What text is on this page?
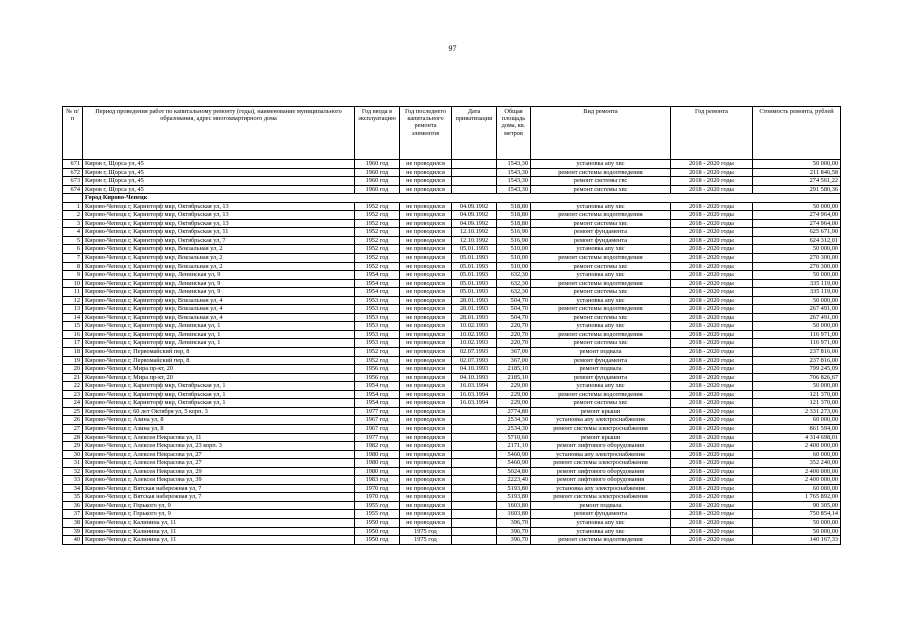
97
№ п/п	Период проведения работ по капитальному ремонту (годы), наименование муниципального образования, адрес многоквартирного дома	Год ввода в эксплуатацию	Год последнего капитального ремонта элементов	Дата приватизации	Общая площадь дома, кв. метров	Вид ремонта	Год ремонта	Стоимость ремонта, рублей
671	Киров г, Щорса ул, 45	1960 год	не проводился		1543,30	установка апу хвс	2018 - 2020 годы	50 000,00
672	Киров г, Щорса ул, 45	1960 год	не проводился		1543,30	ремонт системы водоотведения	2018 - 2020 годы	211 846,58
673	Киров г, Щорса ул, 45	1960 год	не проводился		1543,30	ремонт системы гвс	2018 - 2020 годы	274 561,22
674	Киров г, Щорса ул, 45	1960 год	не проводился		1543,30	ремонт системы хвс	2018 - 2020 годы	291 580,36
	Город Кирово-Чепецк							
1	Кирово-Чепецк г, Каринторф мкр, Октябрьская ул, 13	1952 год	не проводился	04.09.1992	518,80	установка апу хвс	2018 - 2020 годы	50 000,00
2	Кирово-Чепецк г, Каринторф мкр, Октябрьская ул, 13	1952 год	не проводился	04.09.1992	518,80	ремонт системы водоотведения	2018 - 2020 годы	274 964,00
3	Кирово-Чепецк г, Каринторф мкр, Октябрьская ул, 13	1952 год	не проводился	04.09.1992	518,80	ремонт системы хвс	2018 - 2020 годы	274 964,00
4	Кирово-Чепецк г, Каринторф мкр, Октябрьская ул, 11	1952 год	не проводился	12.10.1992	516,90	ремонт фундамента	2018 - 2020 годы	625 671,90
5	Кирово-Чепецк г, Каринторф мкр, Октябрьская ул, 7	1952 год	не проводился	12.10.1992	516,90	ремонт фундамента	2018 - 2020 годы	624 312,01
6	Кирово-Чепецк г, Каринторф мкр, Вокзальная ул, 2	1952 год	не проводился	05.01.1993	510,00	установка апу хвс	2018 - 2020 годы	50 000,00
7	Кирово-Чепецк г, Каринторф мкр, Вокзальная ул, 2	1952 год	не проводился	05.01.1993	510,00	ремонт системы водоотведения	2018 - 2020 годы	270 300,00
8	Кирово-Чепецк г, Каринторф мкр, Вокзальная ул, 2	1952 год	не проводился	05.01.1993	510,00	ремонт системы хвс	2018 - 2020 годы	270 300,00
9	Кирово-Чепецк г, Каринторф мкр, Ленинская ул, 9	1954 год	не проводился	05.01.1993	632,30	установка апу хвс	2018 - 2020 годы	50 000,00
10	Кирово-Чепецк г, Каринторф мкр, Ленинская ул, 9	1954 год	не проводился	05.01.1993	632,30	ремонт системы водоотведения	2018 - 2020 годы	335 119,00
11	Кирово-Чепецк г, Каринторф мкр, Ленинская ул, 9	1954 год	не проводился	05.01.1993	632,30	ремонт системы хвс	2018 - 2020 годы	335 119,00
12	Кирово-Чепецк г, Каринторф мкр, Вокзальная ул, 4	1953 год	не проводился	28.01.1993	504,70	установка апу хвс	2018 - 2020 годы	50 000,00
13	Кирово-Чепецк г, Каринторф мкр, Вокзальная ул, 4	1953 год	не проводился	28.01.1993	504,70	ремонт системы водоотведения	2018 - 2020 годы	267 491,00
14	Кирово-Чепецк г, Каринторф мкр, Вокзальная ул, 4	1953 год	не проводился	28.01.1993	504,70	ремонт системы хвс	2018 - 2020 годы	267 491,00
15	Кирово-Чепецк г, Каринторф мкр, Ленинская ул, 1	1953 год	не проводился	10.02.1993	220,70	установка апу хвс	2018 - 2020 годы	50 000,00
16	Кирово-Чепецк г, Каринторф мкр, Ленинская ул, 1	1953 год	не проводился	10.02.1993	220,70	ремонт системы водоотведения	2018 - 2020 годы	116 971,00
17	Кирово-Чепецк г, Каринторф мкр, Ленинская ул, 1	1953 год	не проводился	10.02.1993	220,70	ремонт системы хвс	2018 - 2020 годы	116 971,00
18	Кирово-Чепецк г, Первомайский пер, 8	1952 год	не проводился	02.07.1993	367,00	ремонт подвала	2018 - 2020 годы	237 816,00
19	Кирово-Чепецк г, Первомайский пер, 8	1952 год	не проводился	02.07.1993	367,00	ремонт фундамента	2018 - 2020 годы	237 816,00
20	Кирово-Чепецк г, Мира пр-кт, 20	1956 год	не проводился	04.10.1993	2185,10	ремонт подвала	2018 - 2020 годы	799 245,09
21	Кирово-Чепецк г, Мира пр-кт, 20	1956 год	не проводился	04.10.1993	2185,10	ремонт фундамента	2018 - 2020 годы	706 826,67
22	Кирово-Чепецк г, Каринторф мкр, Октябрьская ул, 1	1954 год	не проводился	16.03.1994	229,00	установка апу хвс	2018 - 2020 годы	50 000,00
23	Кирово-Чепецк г, Каринторф мкр, Октябрьская ул, 1	1954 год	не проводился	16.03.1994	229,00	ремонт системы водоотведения	2018 - 2020 годы	121 370,00
24	Кирово-Чепецк г, Каринторф мкр, Октябрьская ул, 1	1954 год	не проводился	16.03.1994	229,00	ремонт системы хвс	2018 - 2020 годы	121 370,00
25	Кирово-Чепецк г, 60 лет Октября ул, 5 корп. 3	1977 год	не проводился		2774,80	ремонт крыши	2018 - 2020 годы	2 331 273,06
26	Кирово-Чепецк г, Азина ул, 8	1967 год	не проводился		2534,30	установка апу электроснабжения	2018 - 2020 годы	60 000,00
27	Кирово-Чепецк г, Азина ул, 8	1967 год	не проводился		2534,30	ремонт системы электроснабжения	2018 - 2020 годы	861 594,00
28	Кирово-Чепецк г, Алексея Некрасова ул, 11	1977 год	не проводился		5710,60	ремонт крыши	2018 - 2020 годы	4 314 698,01
29	Кирово-Чепецк г, Алексея Некрасова ул, 23 корп. 3	1982 год	не проводился		2171,10	ремонт лифтового оборудования	2018 - 2020 годы	2 400 000,00
30	Кирово-Чепецк г, Алексея Некрасова ул, 27	1980 год	не проводился		5460,90	установка апу электроснабжения	2018 - 2020 годы	60 000,00
31	Кирово-Чепецк г, Алексея Некрасова ул, 27	1980 год	не проводился		5460,90	ремонт системы электроснабжения	2018 - 2020 годы	352 240,00
32	Кирово-Чепецк г, Алексея Некрасова ул, 29	1980 год	не проводился		5024,80	ремонт лифтового оборудования	2018 - 2020 годы	2 400 000,00
33	Кирово-Чепецк г, Алексея Некрасова ул, 39	1983 год	не проводился		2223,40	ремонт лифтового оборудования	2018 - 2020 годы	2 400 000,00
34	Кирово-Чепецк г, Вятская набережная ул, 7	1970 год	не проводился		5193,80	установка апу электроснабжения	2018 - 2020 годы	60 000,00
35	Кирово-Чепецк г, Вятская набережная ул, 7	1970 год	не проводился		5193,80	ремонт системы электроснабжения	2018 - 2020 годы	1 765 892,00
36	Кирово-Чепецк г, Горького ул, 9	1955 год	не проводился		1603,80	ремонт подвала	2018 - 2020 годы	90 305,00
37	Кирово-Чепецк г, Горького ул, 9	1955 год	не проводился		1603,80	ремонт фундамента	2018 - 2020 годы	750 854,14
38	Кирово-Чепецк г, Калинина ул, 11	1950 год	не проводился		396,70	установка апу хвс	2018 - 2020 годы	50 000,00
39	Кирово-Чепецк г, Калинина ул, 11	1950 год	1975 год		396,70	установка апу хвс	2018 - 2020 годы	50 000,00
40	Кирово-Чепецк г, Калинина ул, 11	1950 год	1975 год		396,70	ремонт системы водоотведения	2018 - 2020 годы	140 167,33
